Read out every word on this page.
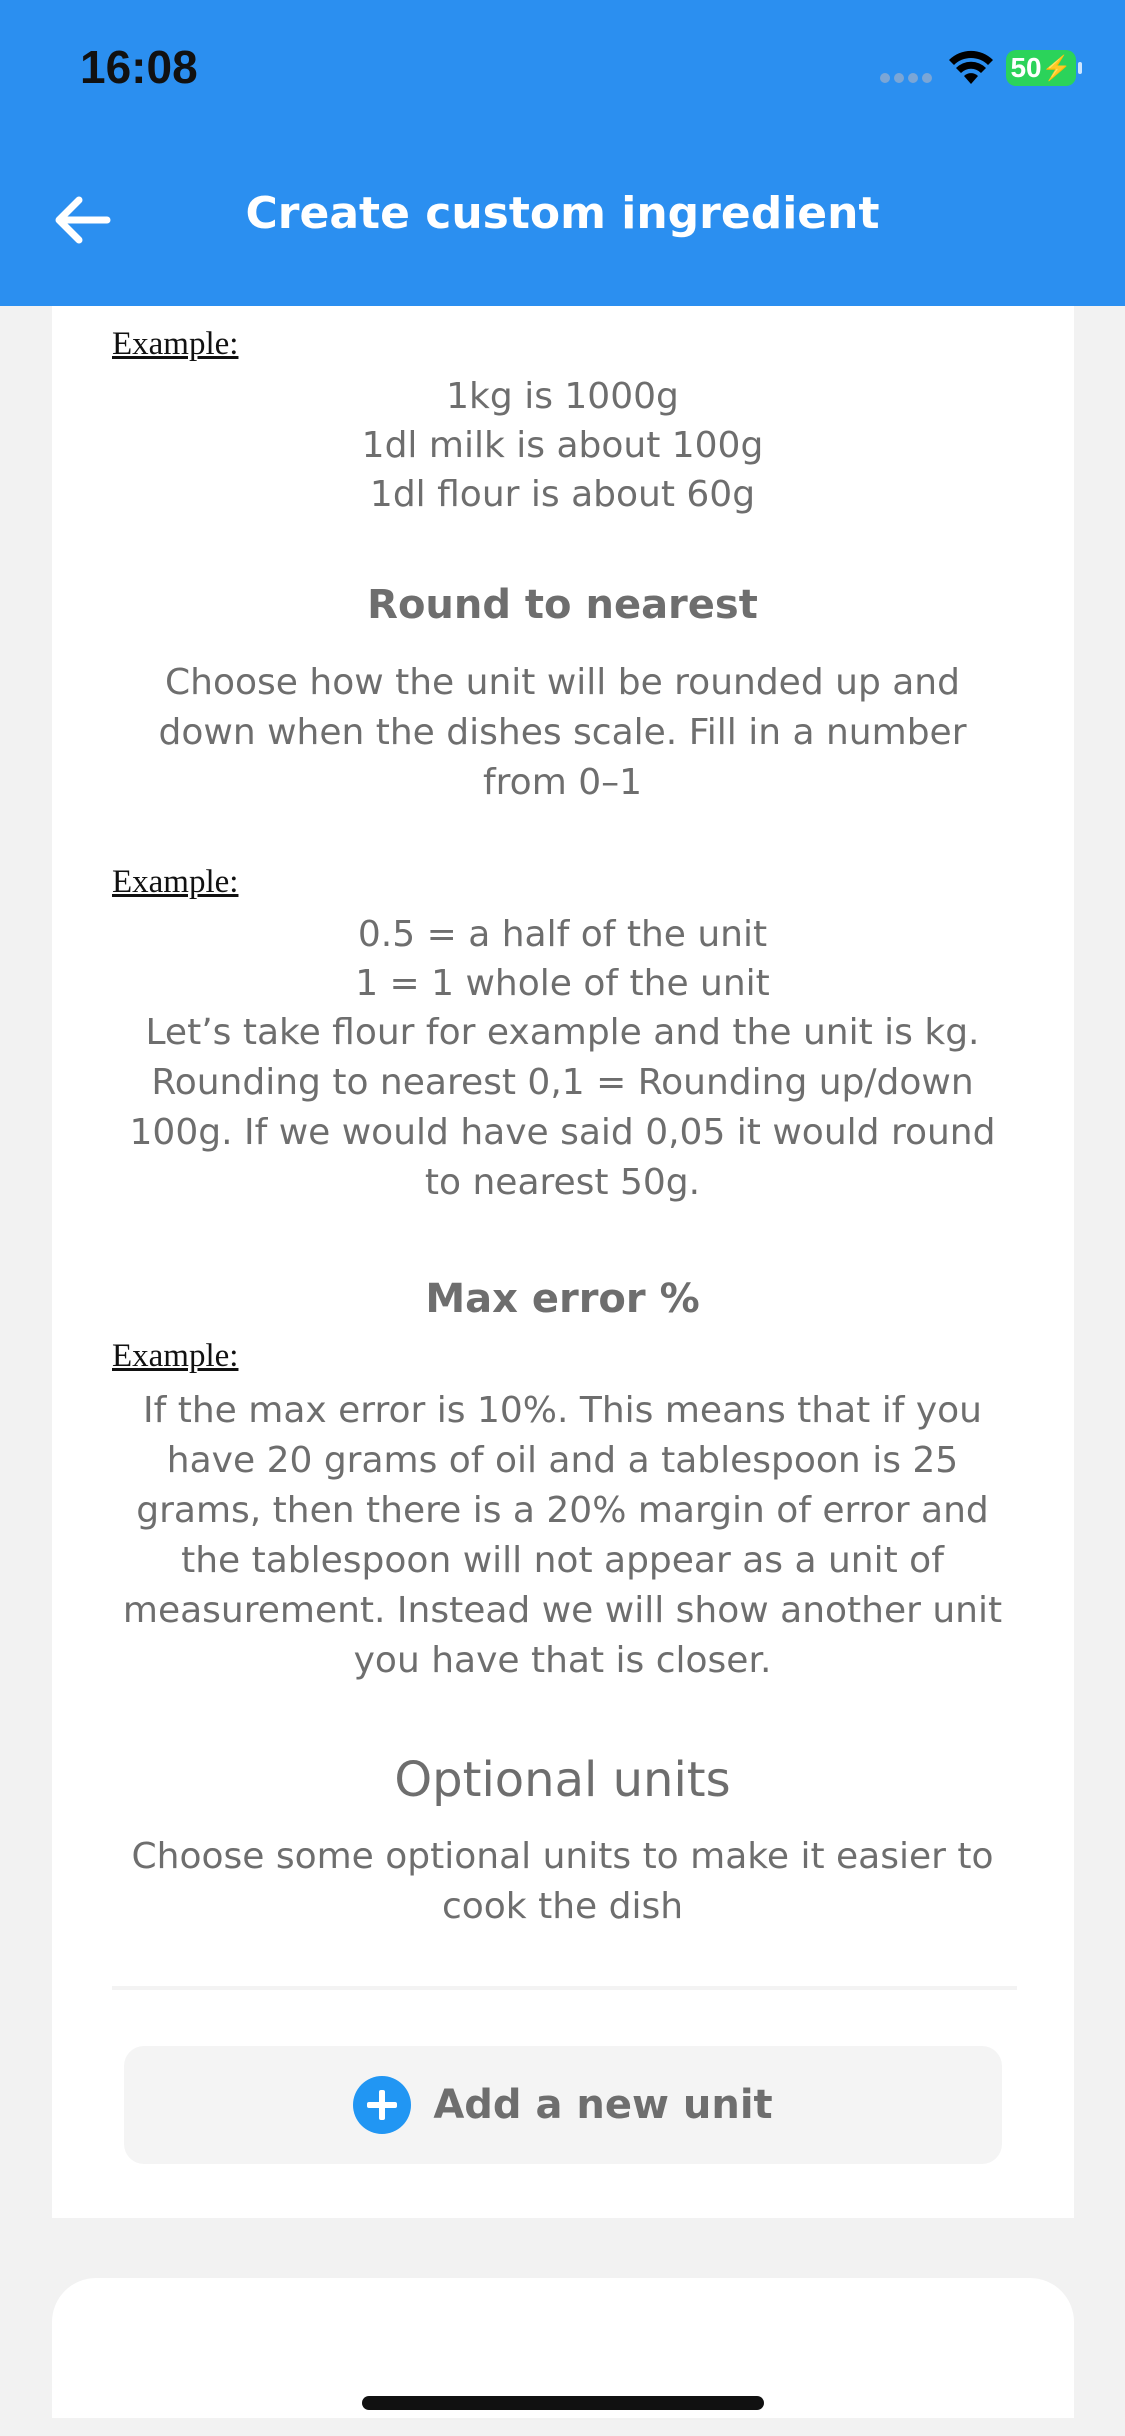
16:08	50 ⚡
Create custom ingredient
Example:
1kg is 1000g
1dl milk is about 100g
1dl flour is about 60g
Round to nearest
Choose how the unit will be rounded up and down when the dishes scale. Fill in a number from 0–1
Example:
0.5 = a half of the unit
1 = 1 whole of the unit
Let’s take flour for example and the unit is kg. Rounding to nearest 0,1 = Rounding up/down 100g. If we would have said 0,05 it would round to nearest 50g.
Max error %
Example:
If the max error is 10%. This means that if you have 20 grams of oil and a tablespoon is 25 grams, then there is a 20% margin of error and the tablespoon will not appear as a unit of measurement. Instead we will show another unit you have that is closer.
Optional units
Choose some optional units to make it easier to cook the dish
Add a new unit
